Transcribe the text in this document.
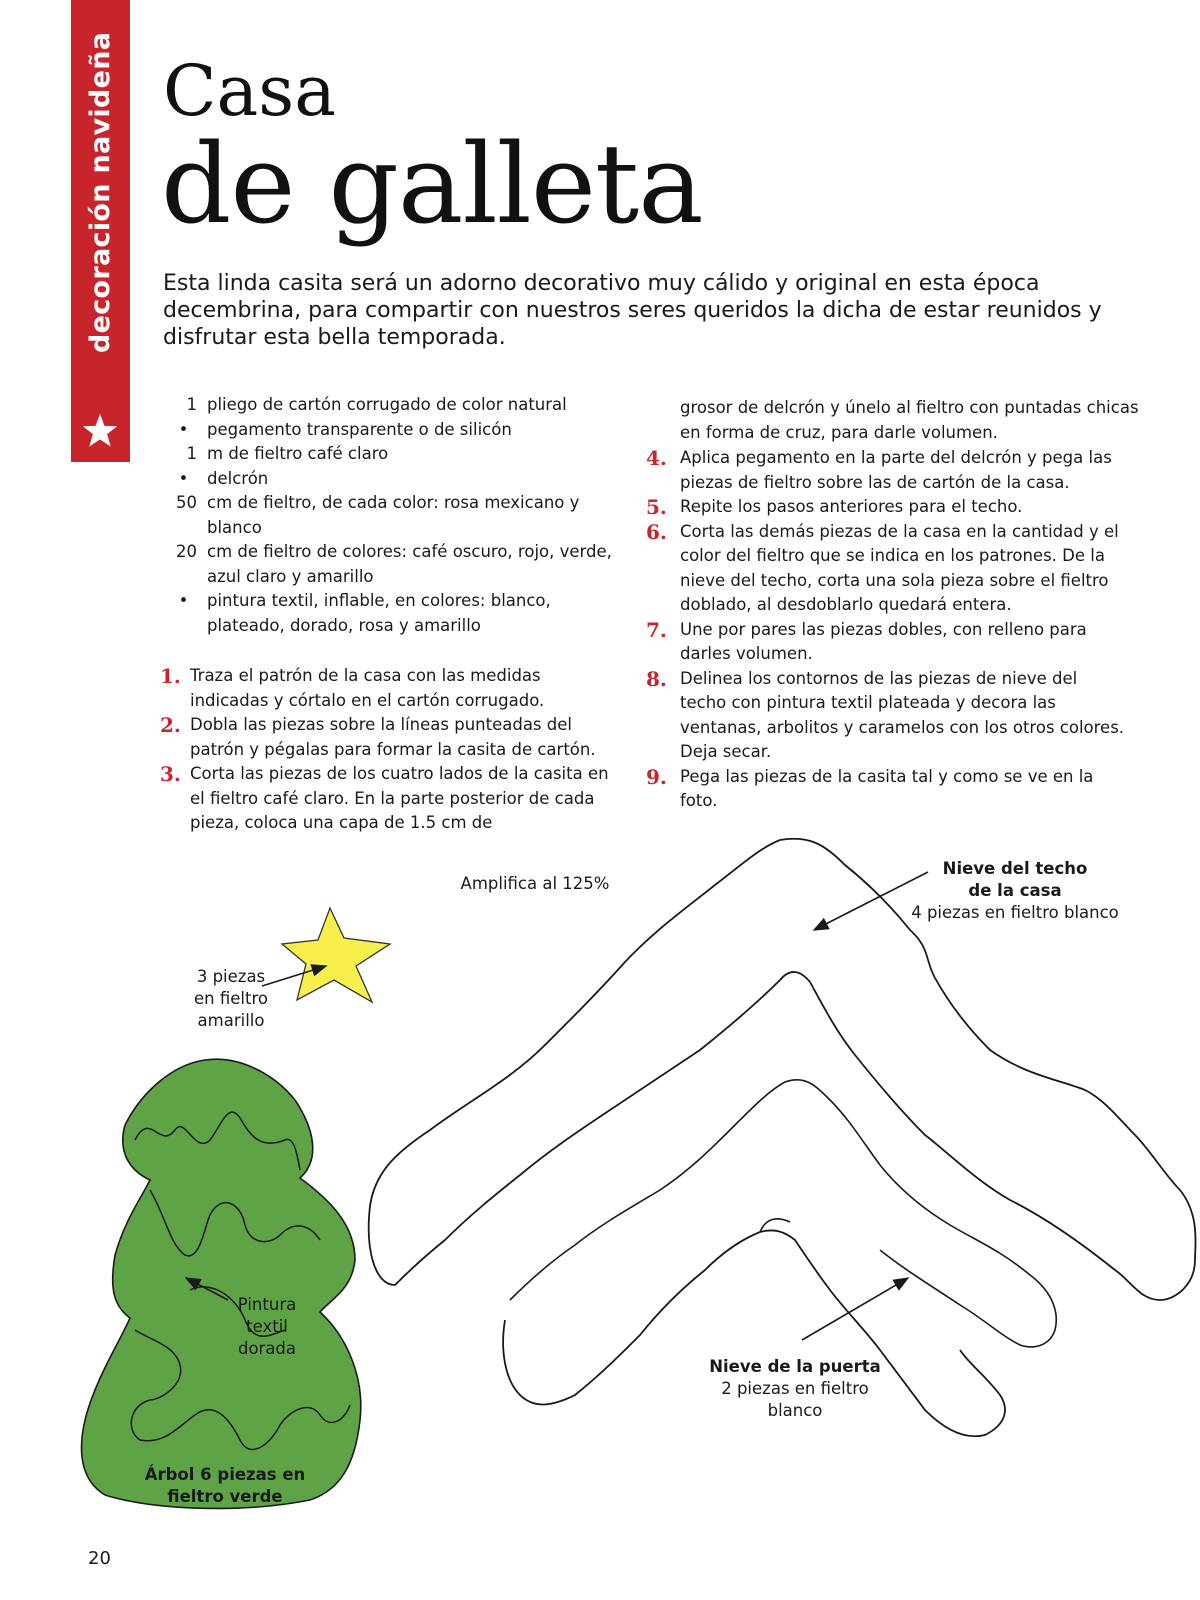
decoración navideña Casa
de galleta

Esta linda casita será un adorno decorativo muy cálido y original en esta época decembrina, para compartir con nuestros seres queridos la dicha de estar reunidos y disfrutar esta bella temporada.

1 pliego de cartón corrugado de color natural
•	pegamento transparente o de silicón
1 m de fieltro café claro
•	delcrón
50 cm de fieltro, de cada color: rosa mexicano y blanco
20 cm de fieltro de colores: café oscuro, rojo, verde, azul claro y amarillo
•	pintura textil, inflable, en colores: blanco, plateado, dorado, rosa y amarillo
1. Traza el patrón de la casa con las medidas indicadas y córtalo en el cartón corrugado.
2. Dobla las piezas sobre la líneas punteadas del patrón y pégalas para formar la casita de cartón.
3. Corta las piezas de los cuatro lados de la casita en el fieltro café claro. En la parte posterior de cada pieza, coloca una capa de 1.5 cm de

grosor de delcrón y únelo al fieltro con puntadas chicas en forma de cruz, para darle volumen.

4. Aplica pegamento en la parte del delcrón y pega las piezas de fieltro sobre las de cartón de la casa.
5. Repite los pasos anteriores para el techo.
6. Corta las demás piezas de la casa en la cantidad y el color del fieltro que se indica en los patrones. De la nieve del techo, corta una sola pieza sobre el fieltro doblado, al desdoblarlo quedará entera.
7. Une por pares las piezas dobles, con relleno para darles volumen.
8. Delinea los contornos de las piezas de nieve del techo con pintura textil plateada y decora las ventanas, arbolitos y caramelos con los otros colores. Deja secar.
9. Pega las piezas de la casita tal y como se ve en la foto.

Amplifica al 125%

3 piezas
en fieltro
amarillo

Pintura
textil
dorada

Árbol 6 piezas en
fieltro verde

Nieve del techo
de la casa
4 piezas en fieltro blanco

Nieve de la puerta
2 piezas en fieltro
blanco

20
